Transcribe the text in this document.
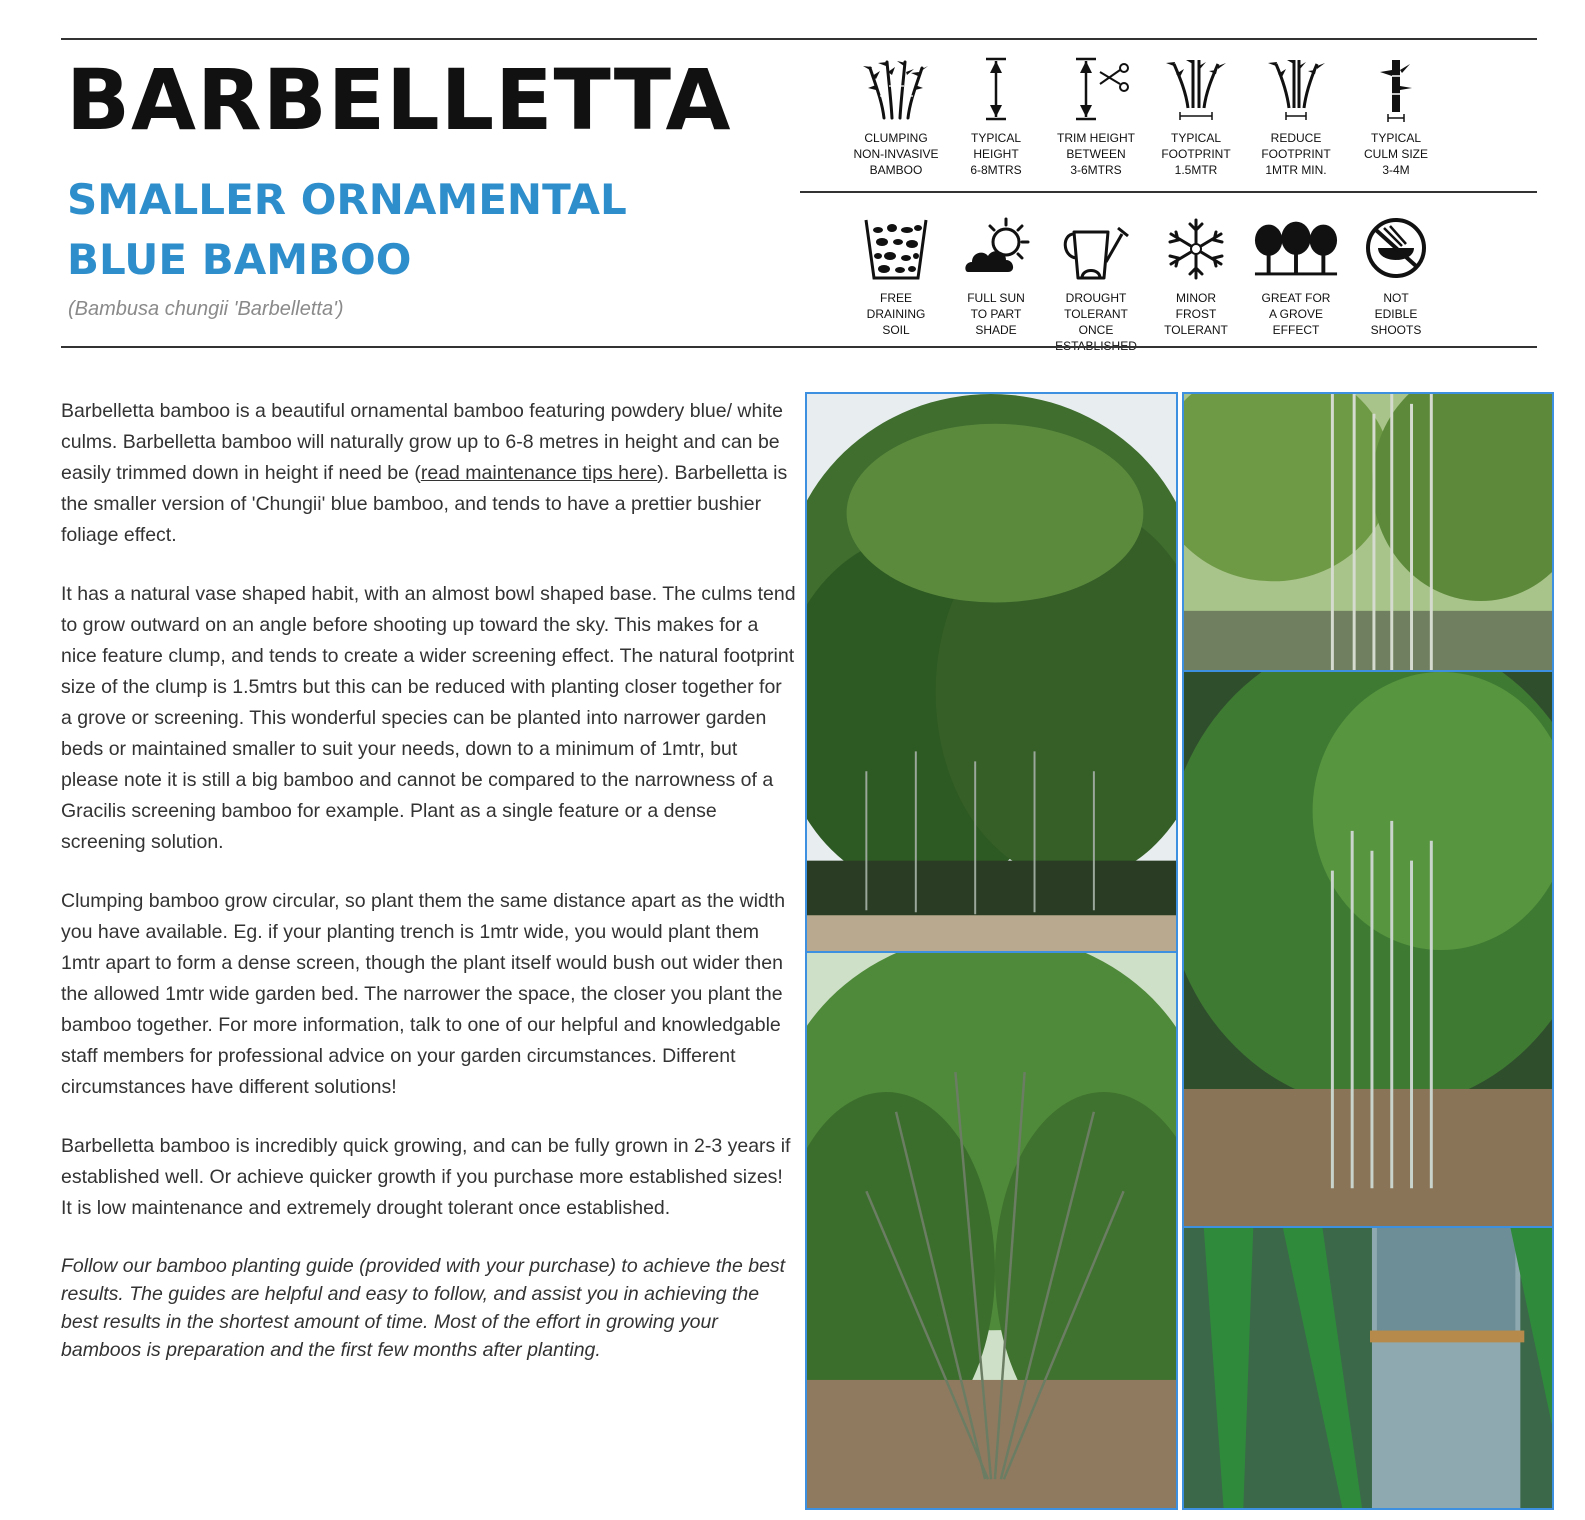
BARBELLETTA
SMALLER ORNAMENTAL
BLUE BAMBOO
(Bambusa chungii 'Barbelletta')
CLUMPING
NON-INVASIVE
BAMBOO
TYPICAL
HEIGHT
6-8MTRS
TRIM HEIGHT
BETWEEN
3-6MTRS
TYPICAL
FOOTPRINT
1.5MTR
REDUCE
FOOTPRINT
1MTR MIN.
TYPICAL
CULM SIZE
3-4M
FREE
DRAINING
SOIL
FULL SUN
TO PART
SHADE
DROUGHT
TOLERANT ONCE
MINOR
FROST
TOLERANT
GREAT FOR
A GROVE
EFFECT
NOT
EDIBLE
SHOOTS

Barbelletta bamboo is a beautiful ornamental bamboo featuring powdery blue/ white culms. Barbelletta bamboo will naturally grow up to 6-8 metres in height and can be easily trimmed down in height if need be (read maintenance tips here). Barbelletta is the smaller version of 'Chungii' blue bamboo, and tends to have a prettier bushier foliage effect.

It has a natural vase shaped habit, with an almost bowl shaped base. The culms tend to grow outward on an angle before shooting up toward the sky. This makes for a nice feature clump, and tends to create a wider screening effect. The natural footprint size of the clump is 1.5mtrs but this can be reduced with planting closer together for a grove or screening. This wonderful species can be planted into narrower garden beds or maintained smaller to suit your needs, down to a minimum of 1mtr, but please note it is still a big bamboo and cannot be compared to the narrowness of a Gracilis screening bamboo for example. Plant as a single feature or a dense screening solution.

Clumping bamboo grow circular, so plant them the same distance apart as the width you have available. Eg. if your planting trench is 1mtr wide, you would plant them 1mtr apart to form a dense screen, though the plant itself would bush out wider then the allowed 1mtr wide garden bed. The narrower the space, the closer you plant the bamboo together. For more information, talk to one of our helpful and knowledgable staff members for professional advice on your garden circumstances. Different circumstances have different solutions!

Barbelletta bamboo is incredibly quick growing, and can be fully grown in 2-3 years if established well. Or achieve quicker growth if you purchase more established sizes! It is low maintenance and extremely drought tolerant once established.

Follow our bamboo planting guide (provided with your purchase) to achieve the best results. The guides are helpful and easy to follow, and assist you in achieving the best results in the shortest amount of time. Most of the effort in growing your bamboos is preparation and the first few months after planting.
